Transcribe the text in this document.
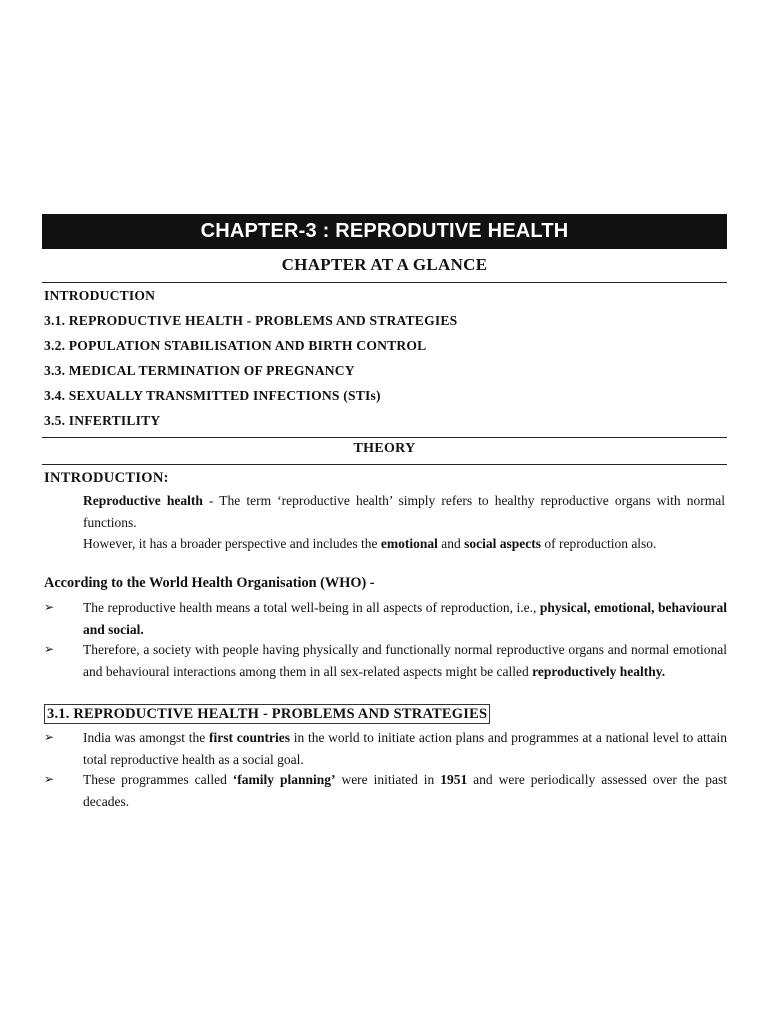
CHAPTER-3 : REPRODUTIVE HEALTH
CHAPTER AT A GLANCE
INTRODUCTION
3.1. REPRODUCTIVE HEALTH - PROBLEMS AND STRATEGIES
3.2. POPULATION STABILISATION AND BIRTH CONTROL
3.3. MEDICAL TERMINATION OF PREGNANCY
3.4. SEXUALLY TRANSMITTED INFECTIONS (STIs)
3.5. INFERTILITY
THEORY
INTRODUCTION:

Reproductive health - The term ‘reproductive health’ simply refers to healthy reproductive organs with normal functions.

However, it has a broader perspective and includes the emotional and social aspects of reproduction also.

According to the World Health Organisation (WHO) -
➢	The reproductive health means a total well-being in all aspects of reproduction, i.e., physical, emotional, behavioural and social.
➢	Therefore, a society with people having physically and functionally normal reproductive organs and normal emotional and behavioural interactions among them in all sex-related aspects might be called reproductively healthy.
3.1. REPRODUCTIVE HEALTH - PROBLEMS AND STRATEGIES
➢	India was amongst the first countries in the world to initiate action plans and programmes at a national level to attain total reproductive health as a social goal.
➢	These programmes called ‘family planning’ were initiated in 1951 and were periodically assessed over the past decades.
